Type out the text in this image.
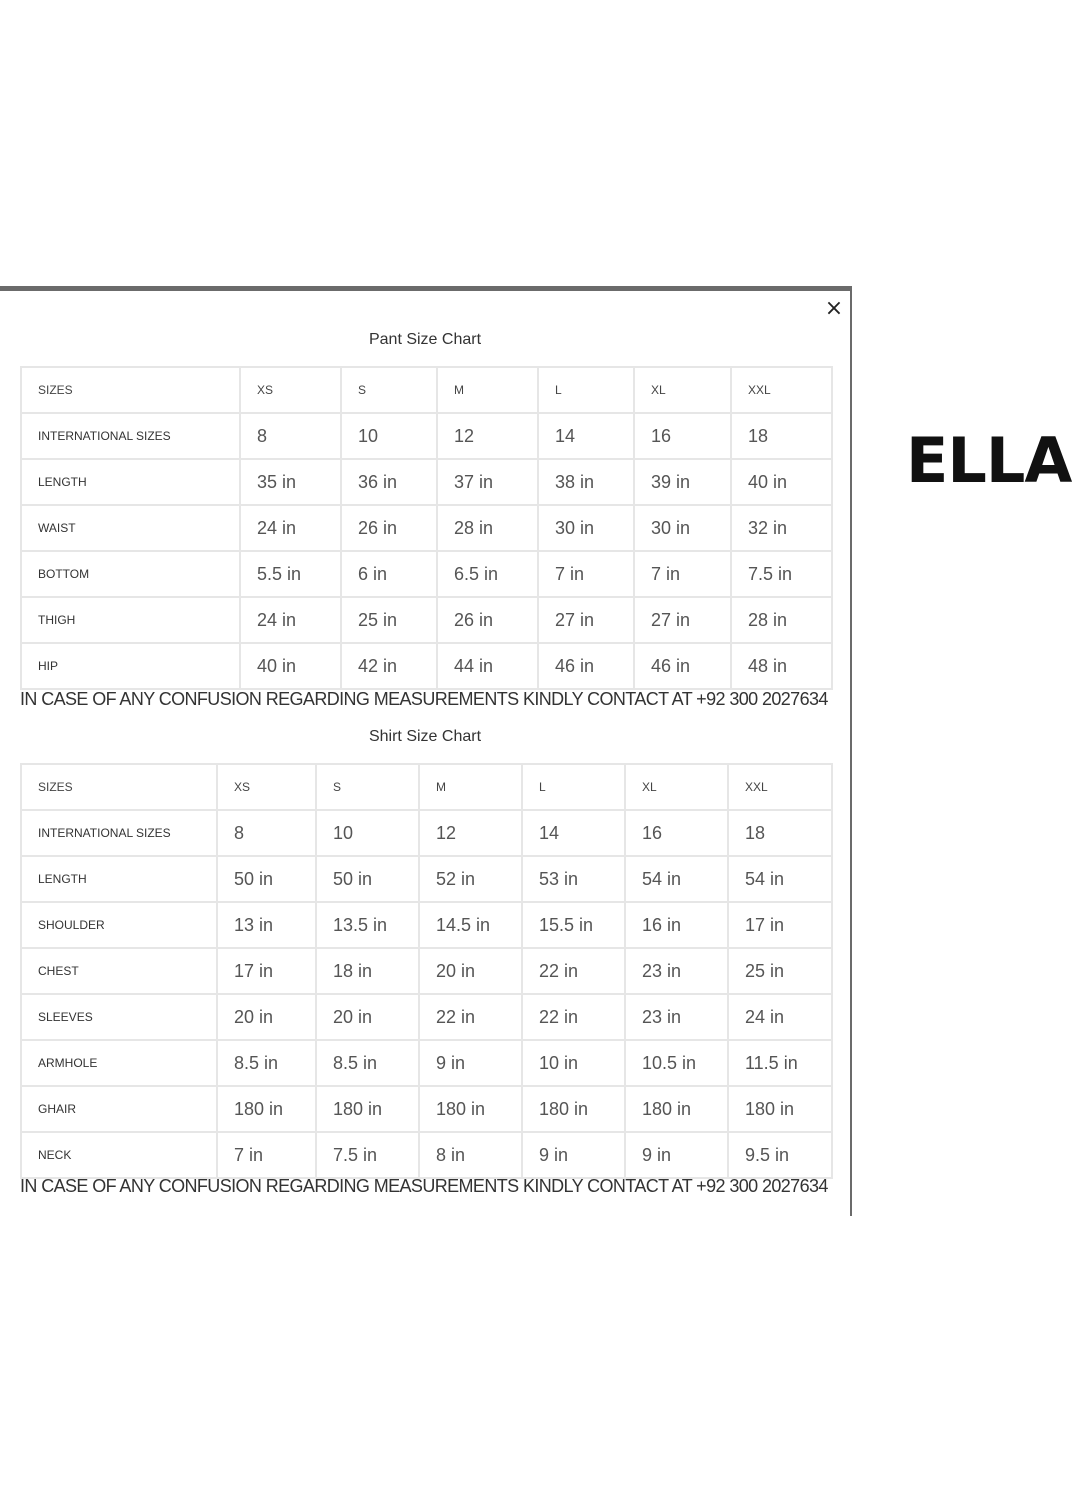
×
Pant Size Chart
SIZES	XS	S	M	L	XL	XXL
INTERNATIONAL SIZES	8	10	12	14	16	18
LENGTH	35 in	36 in	37 in	38 in	39 in	40 in
WAIST	24 in	26 in	28 in	30 in	30 in	32 in
BOTTOM	5.5 in	6 in	6.5 in	7 in	7 in	7.5 in
THIGH	24 in	25 in	26 in	27 in	27 in	28 in
HIP	40 in	42 in	44 in	46 in	46 in	48 in
IN CASE OF ANY CONFUSION REGARDING MEASUREMENTS KINDLY CONTACT AT +92 300 2027634
Shirt Size Chart
SIZES	XS	S	M	L	XL	XXL
INTERNATIONAL SIZES	8	10	12	14	16	18
LENGTH	50 in	50 in	52 in	53 in	54 in	54 in
SHOULDER	13 in	13.5 in	14.5 in	15.5 in	16 in	17 in
CHEST	17 in	18 in	20 in	22 in	23 in	25 in
SLEEVES	20 in	20 in	22 in	22 in	23 in	24 in
ARMHOLE	8.5 in	8.5 in	9 in	10 in	10.5 in	11.5 in
GHAIR	180 in	180 in	180 in	180 in	180 in	180 in
NECK	7 in	7.5 in	8 in	9 in	9 in	9.5 in
IN CASE OF ANY CONFUSION REGARDING MEASUREMENTS KINDLY CONTACT AT +92 300 2027634
ELLA
